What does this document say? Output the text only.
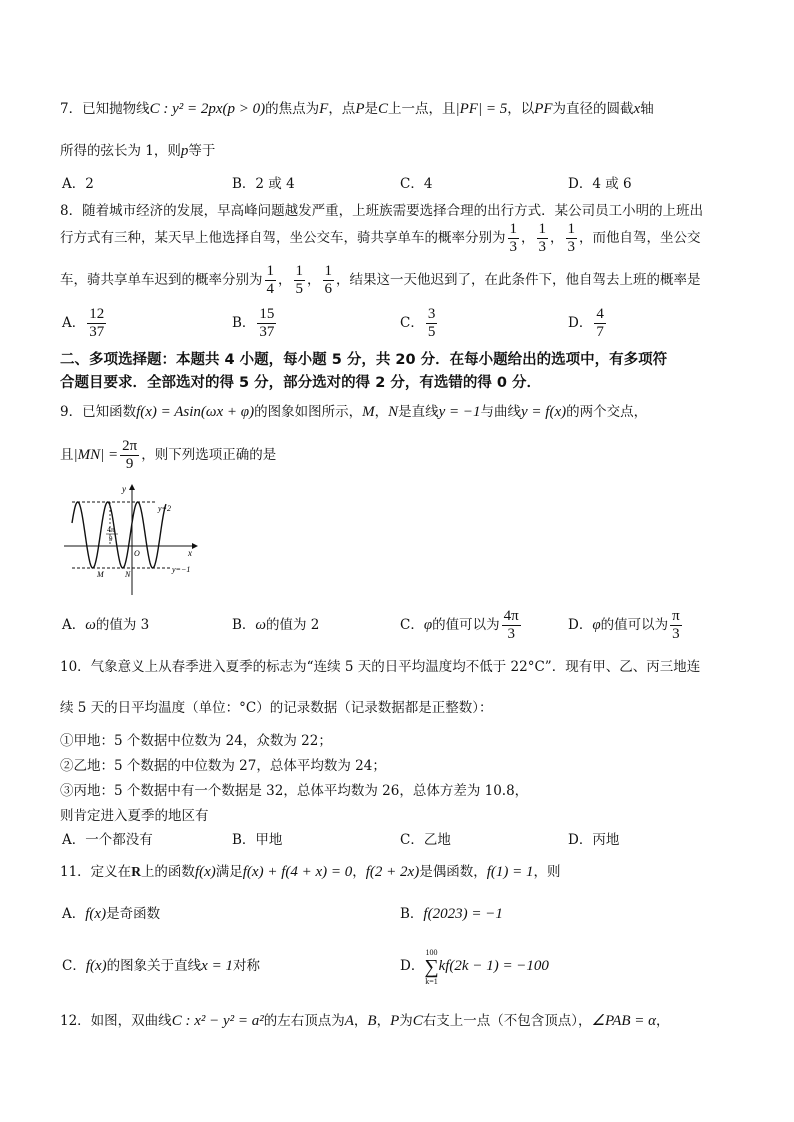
7．已知抛物线C : y² = 2px(p > 0)的焦点为F，点P是C上一点，且|PF| = 5，以PF为直径的圆截x轴
所得的弦长为 1，则p等于
A．2	B．2 或 4	C．4	D．4 或 6
8．随着城市经济的发展，早高峰问题越发严重，上班族需要选择合理的出行方式．某公司员工小明的上班出
行方式有三种，某天早上他选择自驾，坐公交车，骑共享单车的概率分别为 $\frac{1}{3}$ ， $\frac{1}{3}$ ， $\frac{1}{3}$ ，而他自驾，坐公交
车，骑共享单车迟到的概率分别为 $\frac{1}{4}$ ， $\frac{1}{5}$ ， $\frac{1}{6}$ ，结果这一天他迟到了，在此条件下，他自驾去上班的概率是
A． $\frac{12}{37}$	B． $\frac{15}{37}$	C． $\frac{3}{5}$	D． $\frac{4}{7}$
二、多项选择题：本题共 4 小题，每小题 5 分，共 20 分．在每小题给出的选项中，有多项符
合题目要求．全部选对的得 5 分，部分选对的得 2 分，有选错的得 0 分．
9．已知函数f(x) = Asin(ωx + φ)的图象如图所示，M，N是直线y = −1与曲线y = f(x)的两个交点，
且$|MN| = \frac{2\pi}{9}$ ，则下列选项正确的是
y
x
O
y=2
y=−1
4π
9
M	N
A．ω的值为 3	B．ω的值为 2	C．φ的值可以为 $\frac{4\pi}{3}$	D．φ的值可以为 $\frac{\pi}{3}$
10．气象意义上从春季进入夏季的标志为“连续 5 天的日平均温度均不低于 22°C”．现有甲、乙、丙三地连
续 5 天的日平均温度（单位：°C）的记录数据（记录数据都是正整数）：
①甲地：5 个数据中位数为 24，众数为 22；
②乙地：5 个数据的中位数为 27，总体平均数为 24；
③丙地：5 个数据中有一个数据是 32，总体平均数为 26，总体方差为 10.8，
则肯定进入夏季的地区有
A．一个都没有	B．甲地	C．乙地	D．丙地
11．定义在R上的函数f(x)满足f(x) + f(4 + x) = 0，f(2 + 2x)是偶函数，f(1) = 1，则
A．f(x)是奇函数	B．f(2023) = −1
C．f(x)的图象关于直线x = 1对称	D．
100
∑
k=1
kf(2k − 1) = −100
12．如图，双曲线C : x² − y² = a²的左右顶点为A，B，P为C右支上一点（不包含顶点），∠PAB = α，
